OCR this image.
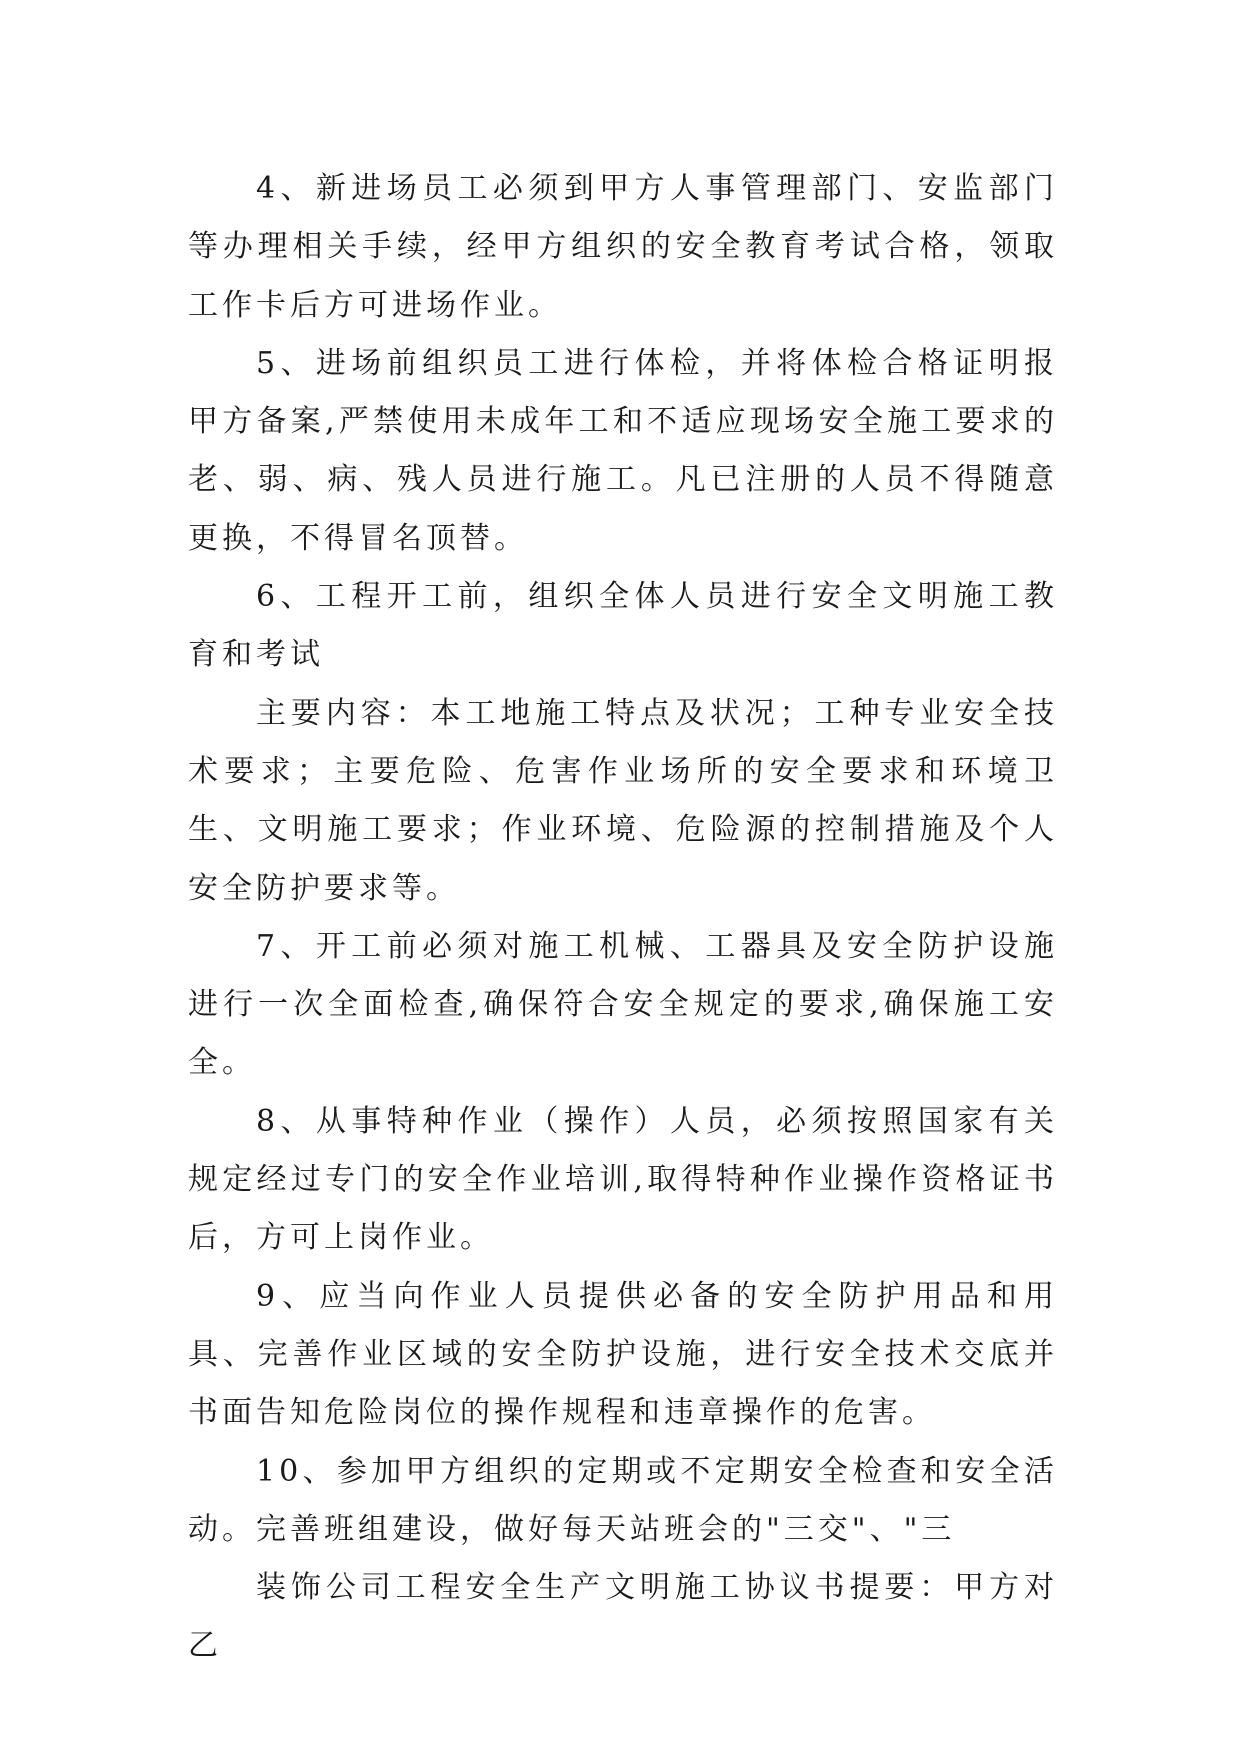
4、新进场员工必须到甲方人事管理部门、安监部门等办理相关手续，经甲方组织的安全教育考试合格，领取工作卡后方可进场作业。

5、进场前组织员工进行体检，并将体检合格证明报甲方备案,严禁使用未成年工和不适应现场安全施工要求的老、弱、病、残人员进行施工。凡已注册的人员不得随意更换，不得冒名顶替。

6、工程开工前，组织全体人员进行安全文明施工教育和考试

主要内容：本工地施工特点及状况；工种专业安全技术要求；主要危险、危害作业场所的安全要求和环境卫生、文明施工要求；作业环境、危险源的控制措施及个人安全防护要求等。

7、开工前必须对施工机械、工器具及安全防护设施进行一次全面检查,确保符合安全规定的要求,确保施工安全。

8、从事特种作业（操作）人员，必须按照国家有关规定经过专门的安全作业培训,取得特种作业操作资格证书后，方可上岗作业。

9、应当向作业人员提供必备的安全防护用品和用具、完善作业区域的安全防护设施，进行安全技术交底并书面告知危险岗位的操作规程和违章操作的危害。

10、参加甲方组织的定期或不定期安全检查和安全活动。完善班组建设，做好每天站班会的"三交"、"三

装饰公司工程安全生产文明施工协议书提要：甲方对乙
